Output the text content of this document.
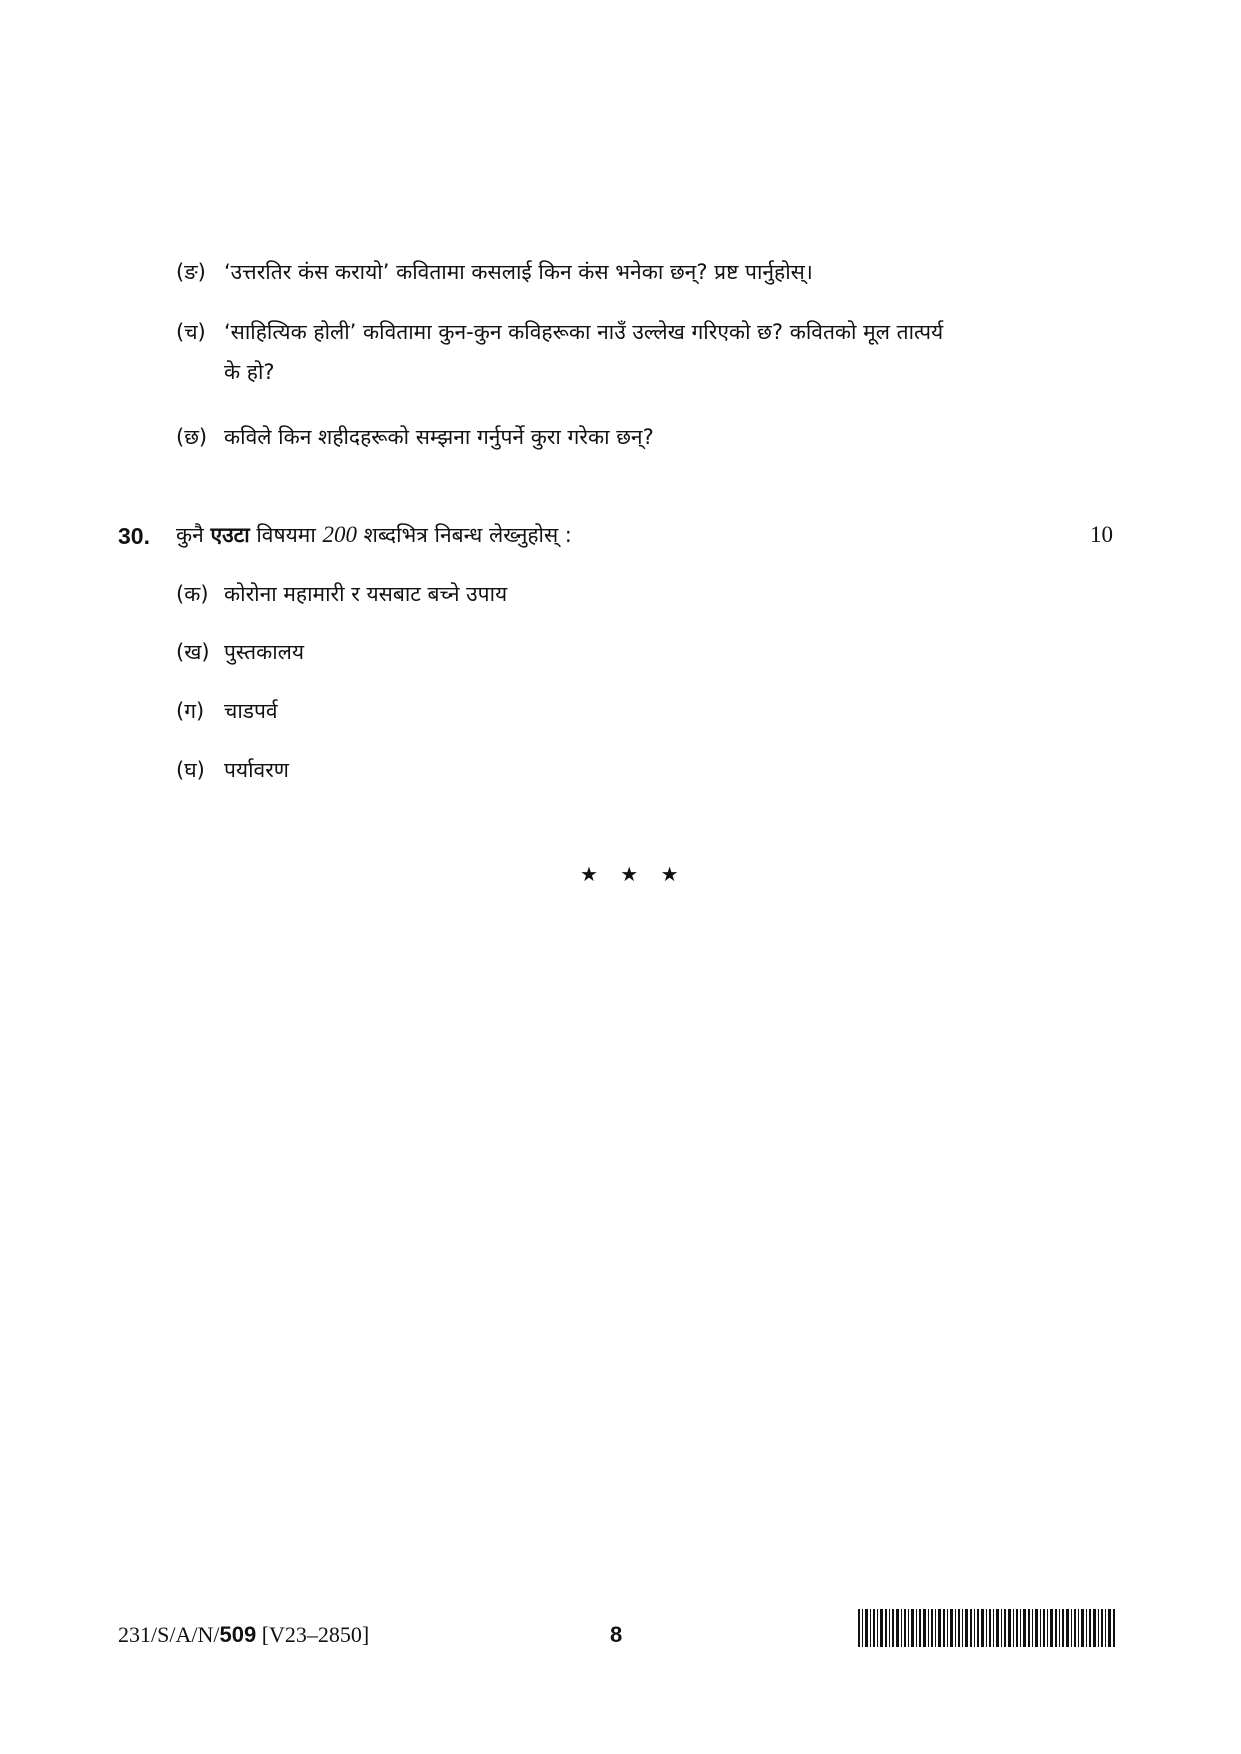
(ङ) ‘उत्तरतिर कंस करायो’ कवितामा कसलाई किन कंस भनेका छन्? प्रष्ट पार्नुहोस्।
(च) ‘साहित्यिक होली’ कवितामा कुन-कुन कविहरूका नाउँ उल्लेख गरिएको छ? कवितको मूल तात्पर्य
के हो?
(छ) कविले किन शहीदहरूको सम्झना गर्नुपर्ने कुरा गरेका छन्?
30. कुनै एउटा विषयमा 200 शब्दभित्र निबन्ध लेख्नुहोस् :	10
(क) कोरोना महामारी र यसबाट बच्ने उपाय
(ख) पुस्तकालय
(ग) चाडपर्व
(घ) पर्यावरण
★ ★ ★
231/S/A/N/509 [V23–2850]	8
